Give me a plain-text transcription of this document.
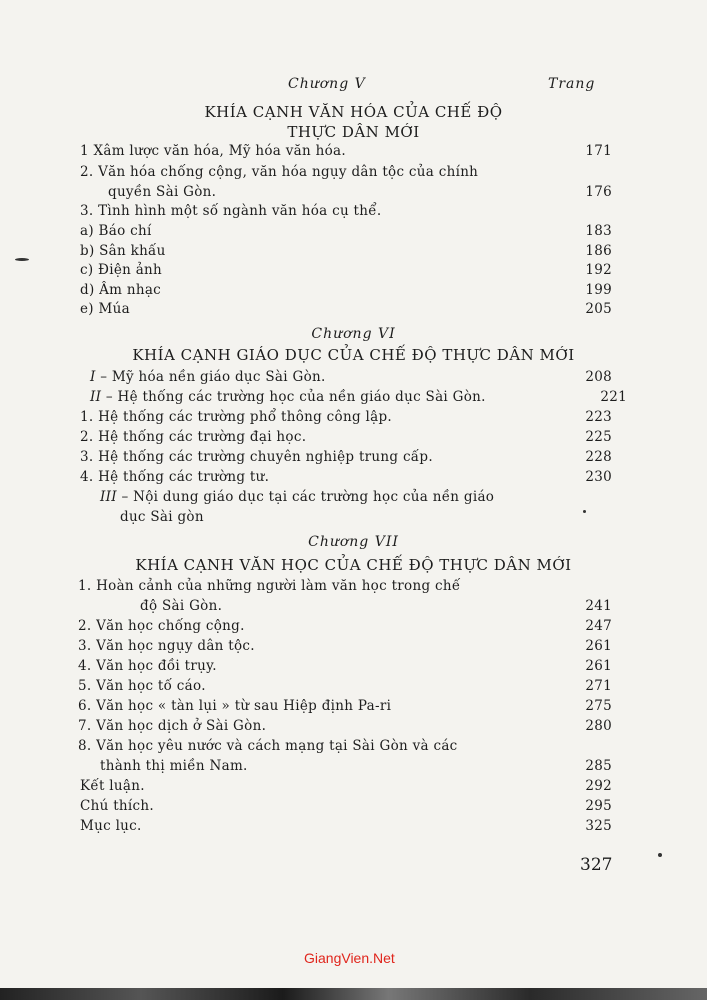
Chương V	Trang
KHÍA CẠNH VĂN HÓA CỦA CHẾ ĐỘ
THỰC DÂN MỚI
1 Xâm lược văn hóa, Mỹ hóa văn hóa.	171
2. Văn hóa chống cộng, văn hóa ngụy dân tộc của chính
quyền Sài Gòn.	176
3. Tình hình một số ngành văn hóa cụ thể.
a) Báo chí	183
b) Sân khấu	186
c) Điện ảnh	192
d) Âm nhạc	199
e) Múa	205
Chương VI
KHÍA CẠNH GIÁO DỤC CỦA CHẾ ĐỘ THỰC DÂN MỚI
I – Mỹ hóa nền giáo dục Sài Gòn.	208
II – Hệ thống các trường học của nền giáo dục Sài Gòn.	221
1. Hệ thống các trường phổ thông công lập.	223
2. Hệ thống các trường đại học.	225
3. Hệ thống các trường chuyên nghiệp trung cấp.	228
4. Hệ thống các trường tư.	230
III – Nội dung giáo dục tại các trường học của nền giáo
dục Sài gòn
Chương VII
KHÍA CẠNH VĂN HỌC CỦA CHẾ ĐỘ THỰC DÂN MỚI
1. Hoàn cảnh của những người làm văn học trong chế
độ Sài Gòn.	241
2. Văn học chống cộng.	247
3. Văn học ngụy dân tộc.	261
4. Văn học đồi trụy.	261
5. Văn học tố cáo.	271
6. Văn học « tàn lụi » từ sau Hiệp định Pa-ri	275
7. Văn học dịch ở Sài Gòn.	280
8. Văn học yêu nước và cách mạng tại Sài Gòn và các
thành thị miền Nam.	285
Kết luận.	292
Chú thích.	295
Mục lục.	325
327
GiangVien.Net
